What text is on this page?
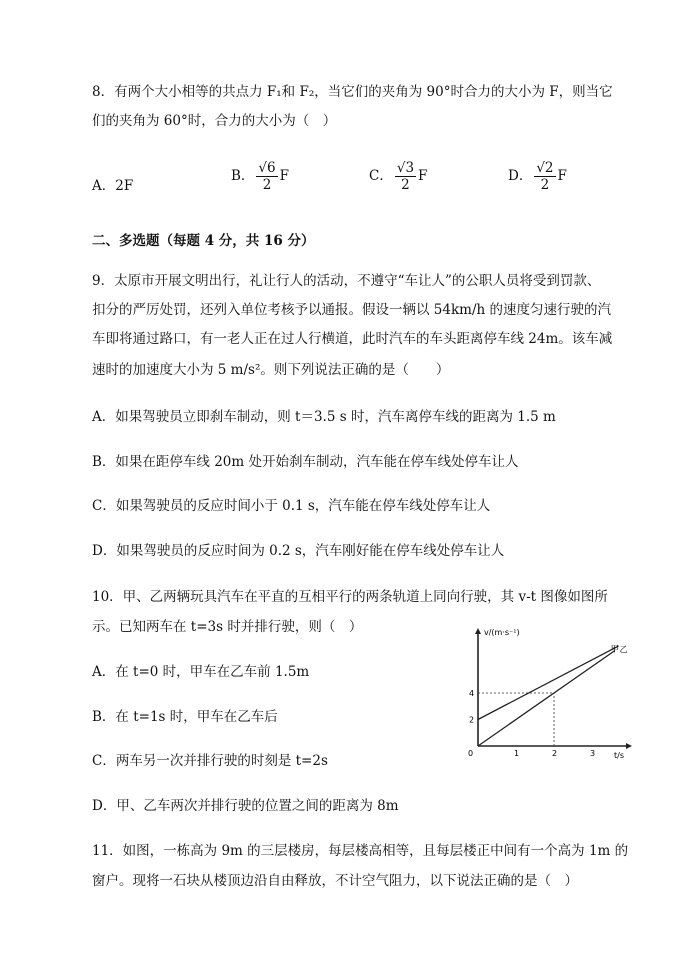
8．有两个大小相等的共点力 F₁和 F₂，当它们的夹角为 90°时合力的大小为 F，则当它
们的夹角为 60°时，合力的大小为（　）
A．2F
B． $\frac{√6}{2}$ F	C． $\frac{√3}{2}$ F	D． $\frac{√2}{2}$ F
二、多选题（每题 4 分，共 16 分）
9．太原市开展文明出行，礼让行人的活动，不遵守“车让人”的公职人员将受到罚款、
扣分的严厉处罚，还列入单位考核予以通报。假设一辆以 54km/h 的速度匀速行驶的汽
车即将通过路口，有一老人正在过人行横道，此时汽车的车头距离停车线 24m。该车减
速时的加速度大小为 5 m/s²。则下列说法正确的是（　　）
A．如果驾驶员立即刹车制动，则 t＝3.5 s 时，汽车离停车线的距离为 1.5 m
B．如果在距停车线 20m 处开始刹车制动，汽车能在停车线处停车让人
C．如果驾驶员的反应时间小于 0.1 s，汽车能在停车线处停车让人
D．如果驾驶员的反应时间为 0.2 s，汽车刚好能在停车线处停车让人
10．甲、乙两辆玩具汽车在平直的互相平行的两条轨道上同向行驶，其 v-t 图像如图所
示。已知两车在 t=3s 时并排行驶，则（　）
A．在 t=0 时，甲车在乙车前 1.5m
B．在 t=1s 时，甲车在乙车后
C．两车另一次并排行驶的时刻是 t=2s
D．甲、乙车两次并排行驶的位置之间的距离为 8m
v/(m·s⁻¹)
t/s
甲 乙
0	1	2	3
2
4
11．如图，一栋高为 9m 的三层楼房，每层楼高相等，且每层楼正中间有一个高为 1m 的
窗户。现将一石块从楼顶边沿自由释放，不计空气阻力，以下说法正确的是（　）
